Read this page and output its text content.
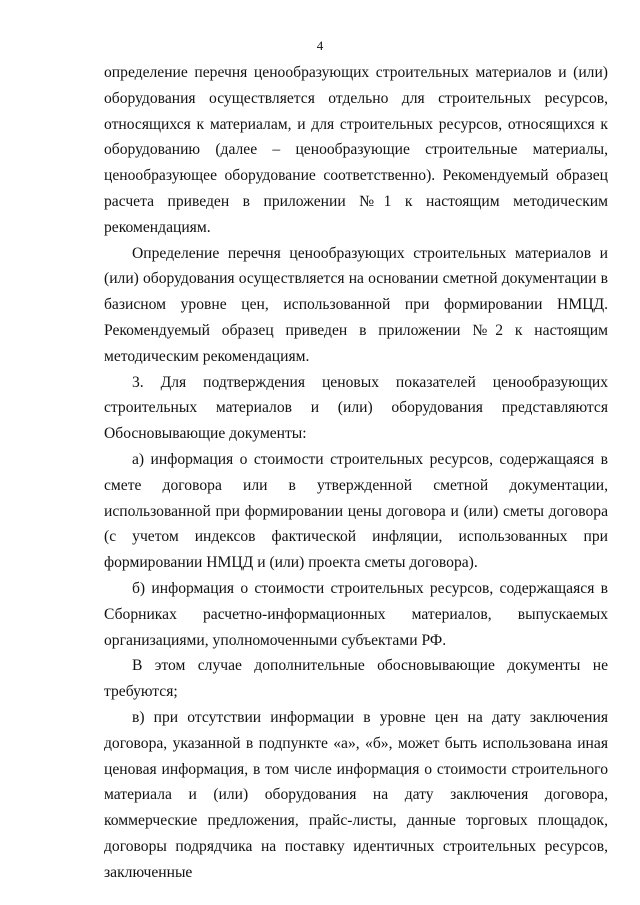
4

определение перечня ценообразующих строительных материалов и (или) оборудования осуществляется отдельно для строительных ресурсов, относящихся к материалам, и для строительных ресурсов, относящихся к оборудованию (далее – ценообразующие строительные материалы, ценообразующее оборудование соответственно). Рекомендуемый образец расчета приведен в приложении №1 к настоящим методическим рекомендациям.

Определение перечня ценообразующих строительных материалов и (или) оборудования осуществляется на основании сметной документации в базисном уровне цен, использованной при формировании НМЦД. Рекомендуемый образец приведен в приложении №2 к настоящим методическим рекомендациям.

3. Для подтверждения ценовых показателей ценообразующих строительных материалов и (или) оборудования представляются Обосновывающие документы:

а) информация о стоимости строительных ресурсов, содержащаяся в смете договора или в утвержденной сметной документации, использованной при формировании цены договора и (или) сметы договора (с учетом индексов фактической инфляции, использованных при формировании НМЦД и (или) проекта сметы договора).

б) информация о стоимости строительных ресурсов, содержащаяся в Сборниках расчетно-информационных материалов, выпускаемых организациями, уполномоченными субъектами РФ.

В этом случае дополнительные обосновывающие документы не требуются;

в) при отсутствии информации в уровне цен на дату заключения договора, указанной в подпункте «а», «б», может быть использована иная ценовая информация, в том числе информация о стоимости строительного материала и (или) оборудования на дату заключения договора, коммерческие предложения, прайс-листы, данные торговых площадок, договоры подрядчика на поставку идентичных строительных ресурсов, заключенные
